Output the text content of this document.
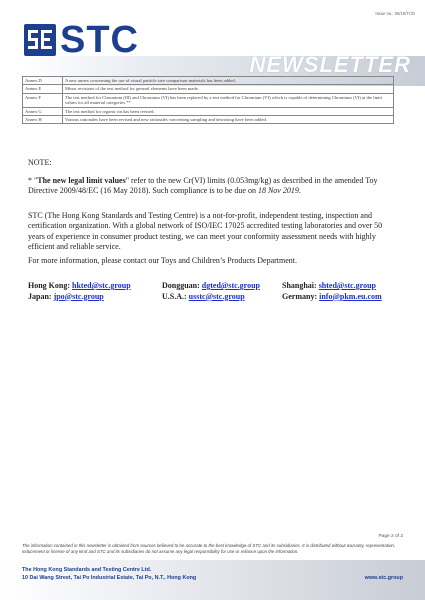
Issue no.: 05/19/TCD
STC
NEWSLETTER
Annex D	A new annex concerning the use of visual particle size comparison materials has been added.
Annex E	Minor revisions of the test method for general elements have been made.
Annex F	The test method for Chromium (III) and Chromium (VI) has been replaced by a test method for Chromium (VI) which is capable of determining Chromium (VI) at the limit values for all material categories.**
Annex G	The test method for organic tin has been revised.
Annex H	Various rationales have been revised and new rationales concerning sampling and dewaxing have been added.
NOTE:
* "The new legal limit values" refer to the new Cr(VI) limits (0.053mg/kg) as described in the amended Toy Directive 2009/48/EC (16 May 2018). Such compliance is to be due on 18 Nov 2019.
STC (The Hong Kong Standards and Testing Centre) is a not-for-profit, independent testing, inspection and certification organization. With a global network of ISO/IEC 17025 accredited testing laboratories and over 50 years of experience in consumer product testing, we can meet your conformity assessment needs with highly efficient and reliable service.
For more information, please contact our Toys and Children’s Products Department.
Hong Kong: hkted@stc.group	Dongguan: dgted@stc.group	Shanghai: shted@stc.group
Japan: jpo@stc.group	U.S.A.: usstc@stc.group	Germany: info@pkm.eu.com
Page 2 of 2
The information contained in this newsletter is obtained from sources believed to be accurate to the best knowledge of STC and its subsidiaries. It is distributed without warranty, representation, inducement or license of any kind and STC and its subsidiaries do not assume any legal responsibility for use or reliance upon the information.
The Hong Kong Standards and Testing Centre Ltd.
10 Dai Wang Street, Tai Po Industrial Estate, Tai Po, N.T., Hong Kong	www.stc.group
